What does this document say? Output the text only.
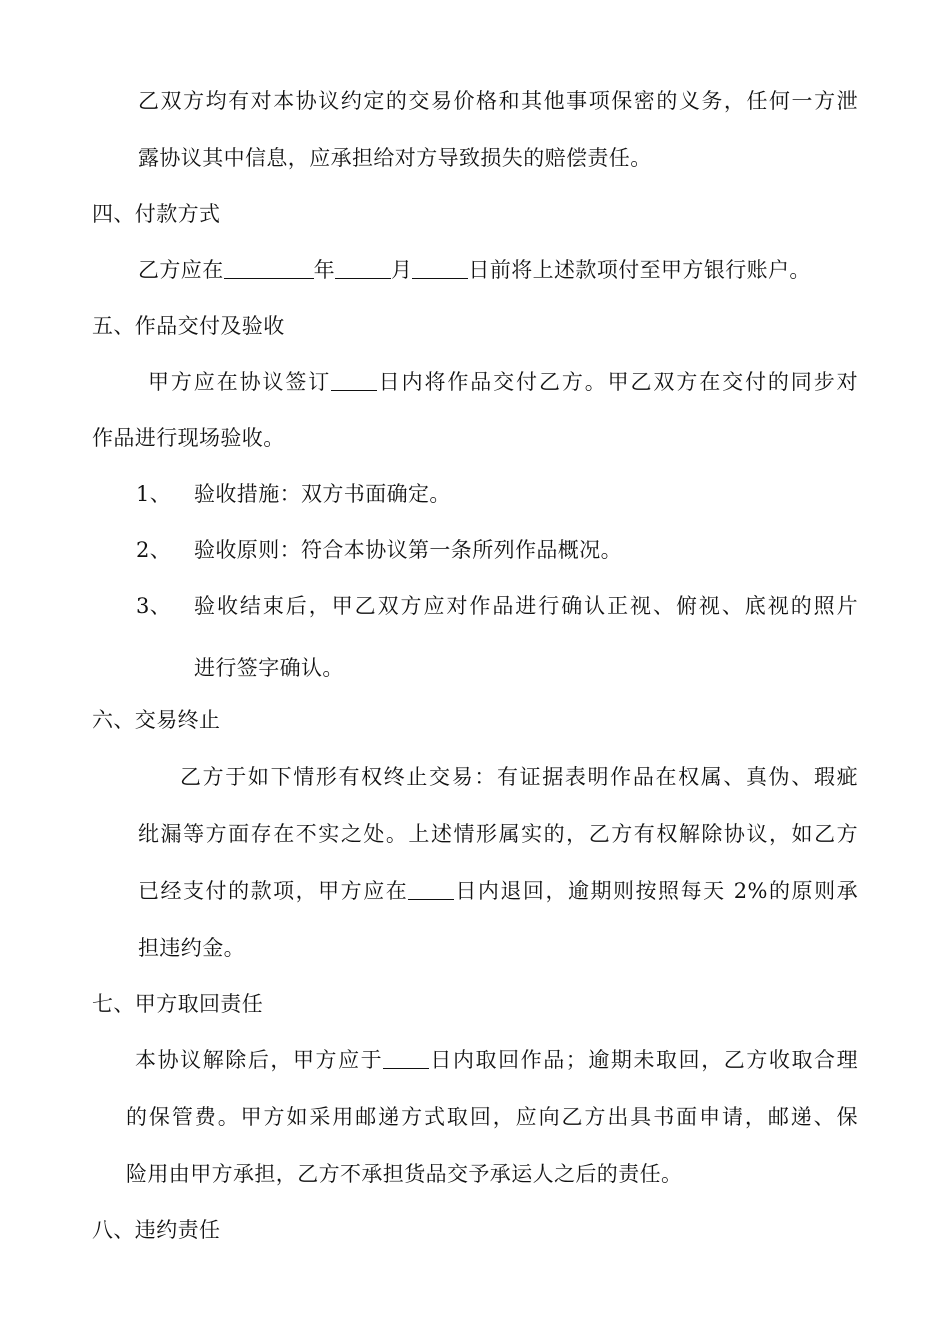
乙双方均有对本协议约定的交易价格和其他事项保密的义务，任何一方泄
露协议其中信息，应承担给对方导致损失的赔偿责任。
四、付款方式
乙方应在	年	月	日前将上述款项付至甲方银行账户。
五、作品交付及验收
甲方应在协议签订 日内将作品交付乙方。甲乙双方在交付的同步对
作品进行现场验收。
1、 验收措施：双方书面确定。
2、 验收原则：符合本协议第一条所列作品概况。
3、 验收结束后，甲乙双方应对作品进行确认正视、俯视、底视的照片
进行签字确认。
六、交易终止
乙方于如下情形有权终止交易：有证据表明作品在权属、真伪、瑕疵
纰漏等方面存在不实之处。上述情形属实的，乙方有权解除协议，如乙方
已经支付的款项，甲方应在 日内退回，逾期则按照每天 2%的原则承
担违约金。
七、甲方取回责任
本协议解除后，甲方应于 日内取回作品；逾期未取回，乙方收取合理
的保管费。甲方如采用邮递方式取回，应向乙方出具书面申请，邮递、保
险用由甲方承担，乙方不承担货品交予承运人之后的责任。
八、违约责任
